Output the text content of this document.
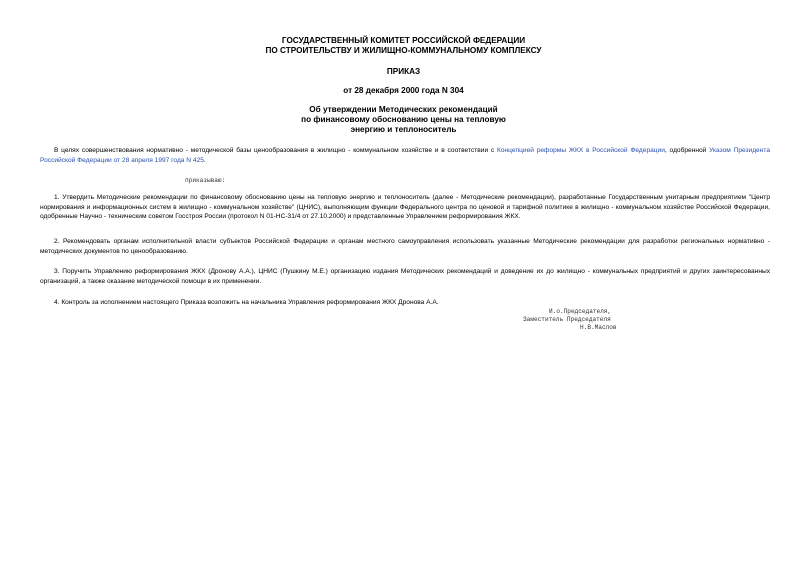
ГОСУДАРСТВЕННЫЙ КОМИТЕТ РОССИЙСКОЙ ФЕДЕРАЦИИ
ПО СТРОИТЕЛЬСТВУ И ЖИЛИЩНО-КОММУНАЛЬНОМУ КОМПЛЕКСУ
ПРИКАЗ
от 28 декабря 2000 года N 304
Об утверждении Методических рекомендаций
по финансовому обоснованию цены на тепловую
энергию и теплоноситель
В целях совершенствования нормативно - методической базы ценообразования в жилищно - коммунальном хозяйстве и в соответствии с Концепцией реформы ЖКХ в Российской Федерации, одобренной Указом Президента Российской Федерации от 28 апреля 1997 года N 425.
приказываю:
1. Утвердить Методические рекомендации по финансовому обоснованию цены на тепловую энергию и теплоноситель (далее - Методические рекомендации), разработанные Государственным унитарным предприятием "Центр нормирования и информационных систем в жилищно - коммунальном хозяйстве" (ЦНИС), выполняющим функции Федерального центра по ценовой и тарифной политике в жилищно - коммунальном хозяйстве Российской Федерации, одобренные Научно - техническим советом Госстроя России (протокол N 01-НС-31/4 от 27.10.2000) и представленные Управлением реформирования ЖКХ.
2. Рекомендовать органам исполнительной власти субъектов Российской Федерации и органам местного самоуправления использовать указанные Методические рекомендации для разработки региональных нормативно - методических документов по ценообразованию.
3. Поручить Управлению реформирования ЖКХ (Дронову А.А.), ЦНИС (Пушкину М.Е.) организацию издания Методических рекомендаций и доведение их до жилищно - коммунальных предприятий и других заинтересованных организаций, а также оказание методической помощи в их применении.
4. Контроль за исполнением настоящего Приказа возложить на начальника Управления реформирования ЖКХ Дронова А.А.
И.о.Председателя,
Заместитель Председателя
Н.В.Маслов
